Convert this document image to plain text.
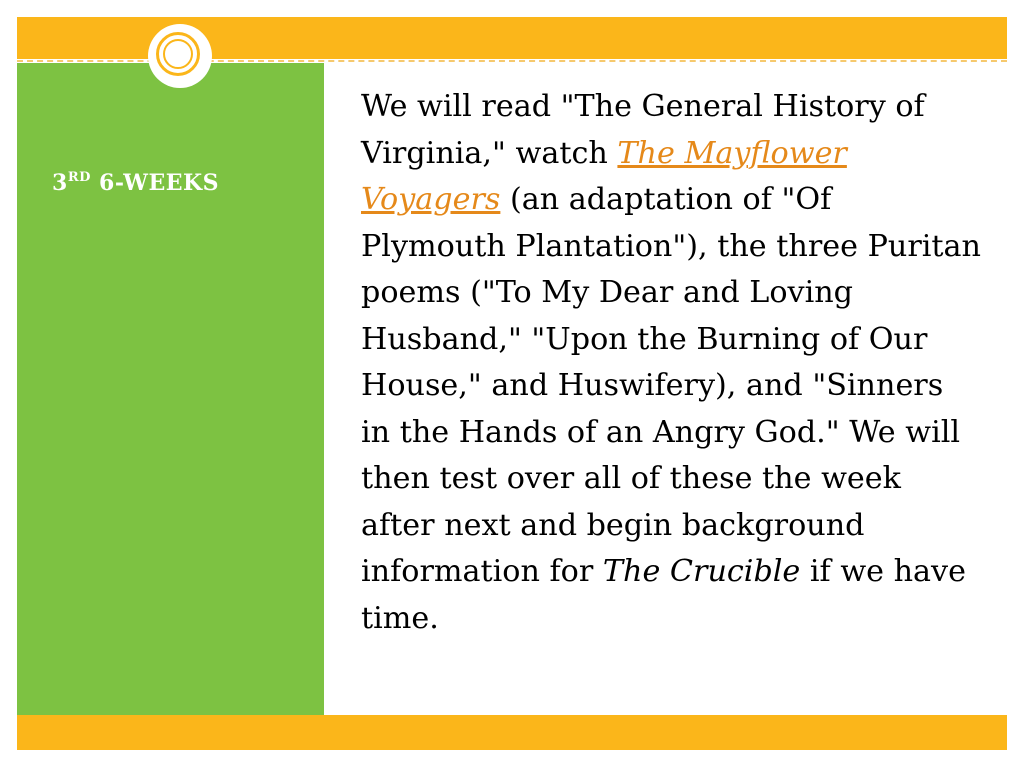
3RD 6-WEEKS

We will read "The General History of Virginia," watch The Mayflower Voyagers (an adaptation of "Of Plymouth Plantation"), the three Puritan poems ("To My Dear and Loving Husband," "Upon the Burning of Our House," and Huswifery), and "Sinners in the Hands of an Angry God." We will then test over all of these the week after next and begin background information for The Crucible if we have time.
